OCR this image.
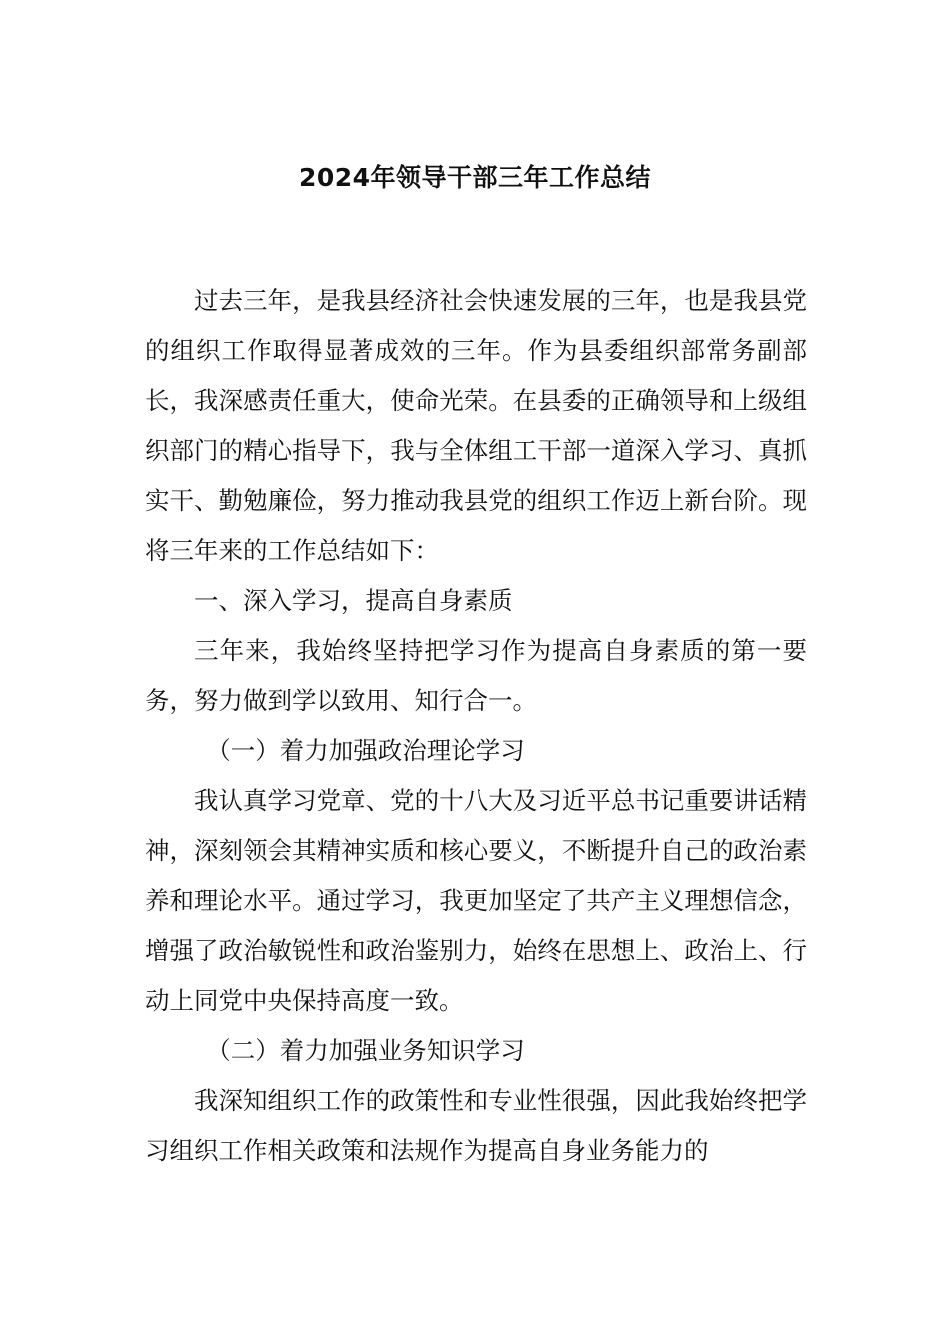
2024年领导干部三年工作总结

过去三年，是我县经济社会快速发展的三年，也是我县党的组织工作取得显著成效的三年。作为县委组织部常务副部长，我深感责任重大，使命光荣。在县委的正确领导和上级组织部门的精心指导下，我与全体组工干部一道深入学习、真抓实干、勤勉廉俭，努力推动我县党的组织工作迈上新台阶。现将三年来的工作总结如下：

一、深入学习，提高自身素质

三年来，我始终坚持把学习作为提高自身素质的第一要务，努力做到学以致用、知行合一。

（一）着力加强政治理论学习

我认真学习党章、党的十八大及习近平总书记重要讲话精神，深刻领会其精神实质和核心要义，不断提升自己的政治素养和理论水平。通过学习，我更加坚定了共产主义理想信念，增强了政治敏锐性和政治鉴别力，始终在思想上、政治上、行动上同党中央保持高度一致。

（二）着力加强业务知识学习

我深知组织工作的政策性和专业性很强，因此我始终把学习组织工作相关政策和法规作为提高自身业务能力的
